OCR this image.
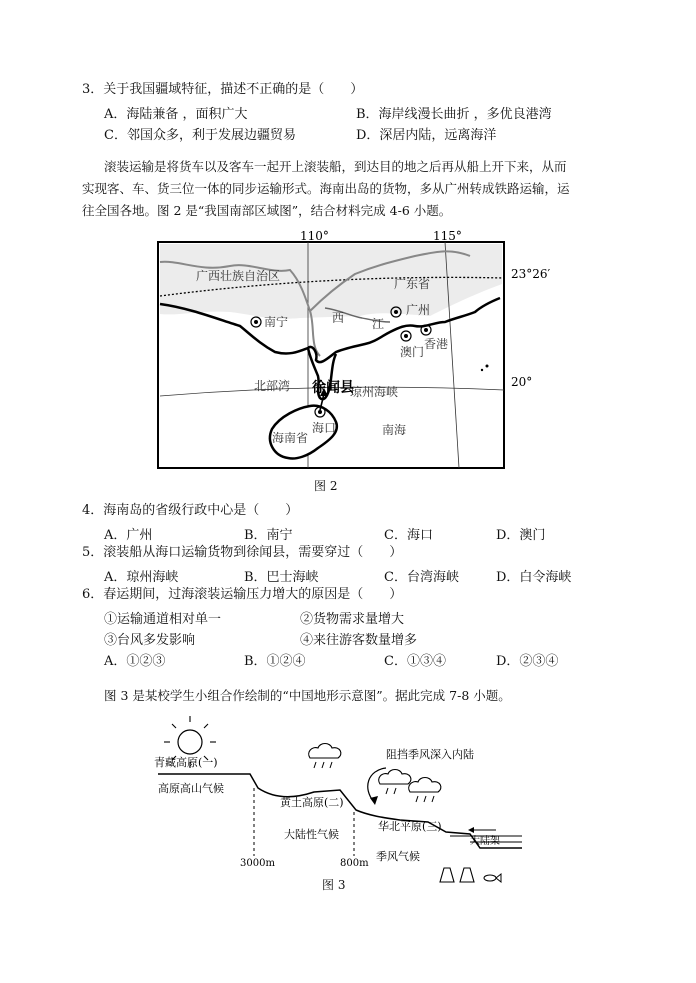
3．关于我国疆域特征，描述不正确的是（　　）
A．海陆兼备 ，面积广大	B．海岸线漫长曲折 ，多优良港湾
C．邻国众多，利于发展边疆贸易	D．深居内陆，远离海洋
滚装运输是将货车以及客车一起开上滚装船，到达目的地之后再从船上开下来，从而
实现客、车、货三位一体的同步运输形式。海南出岛的货物，多从广州转成铁路运输，运
往全国各地。图 2 是“我国南部区域图”，结合材料完成 4-6 小题。
110°	115°
23°26′
20°
广西壮族自治区
广东省
海南省
南宁
广州
澳门
香港
海口
北部湾	琼州海峡
南海
西 江
徐闻县
图 2
4．海南岛的省级行政中心是（　　）
A．广州	B．南宁	C．海口	D．澳门
5．滚装船从海口运输货物到徐闻县，需要穿过（　　）
A．琼州海峡	B．巴士海峡	C．台湾海峡	D．白令海峡
6．春运期间，过海滚装运输压力增大的原因是（　　）
①运输通道相对单一	②货物需求量增大
③台风多发影响	④来往游客数量增多
A．①②③	B．①②④	C．①③④	D．②③④
图 3 是某校学生小组合作绘制的“中国地形示意图”。据此完成 7-8 小题。
青藏高原(一)
高原高山气候
黄土高原(二)
大陆性气候
阻挡季风深入内陆
华北平原(三)
季风气候
大陆架
3000m	800m
图 3
